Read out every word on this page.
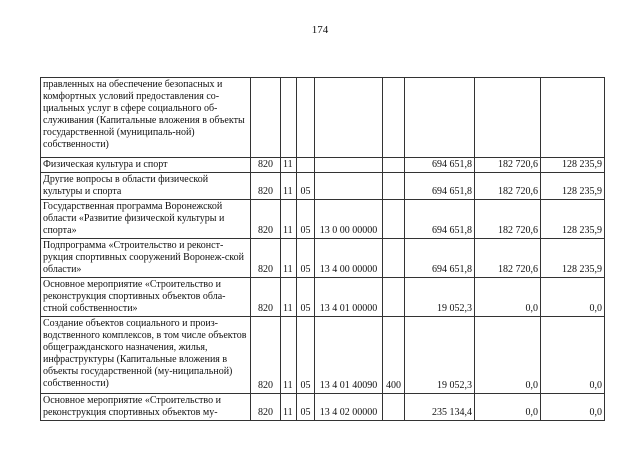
174
правленных на обеспечение безопасных и комфортных условий предоставления со-циальных услуг в сфере социального об-служивания (Капитальные вложения в объекты государственной (муниципаль-ной) собственности)								
Физическая культура и спорт	820	11				694 651,8	182 720,6	128 235,9
Другие вопросы в области физической культуры и спорта	820	11	05			694 651,8	182 720,6	128 235,9
Государственная программа Воронежской области «Развитие физической культуры и спорта»	820	11	05	13 0 00 00000		694 651,8	182 720,6	128 235,9
Подпрограмма «Строительство и реконст-рукция спортивных сооружений Воронеж-ской области»	820	11	05	13 4 00 00000		694 651,8	182 720,6	128 235,9
Основное мероприятие «Строительство и реконструкция спортивных объектов обла-стной собственности»	820	11	05	13 4 01 00000		19 052,3	0,0	0,0
Создание объектов социального и произ-водственного комплексов, в том числе объектов общегражданского назначения, жилья, инфраструктуры (Капитальные вложения в объекты государственной (му-ниципальной) собственности)	820	11	05	13 4 01 40090	400	19 052,3	0,0	0,0
Основное мероприятие «Строительство и реконструкция спортивных объектов му-	820	11	05	13 4 02 00000		235 134,4	0,0	0,0
